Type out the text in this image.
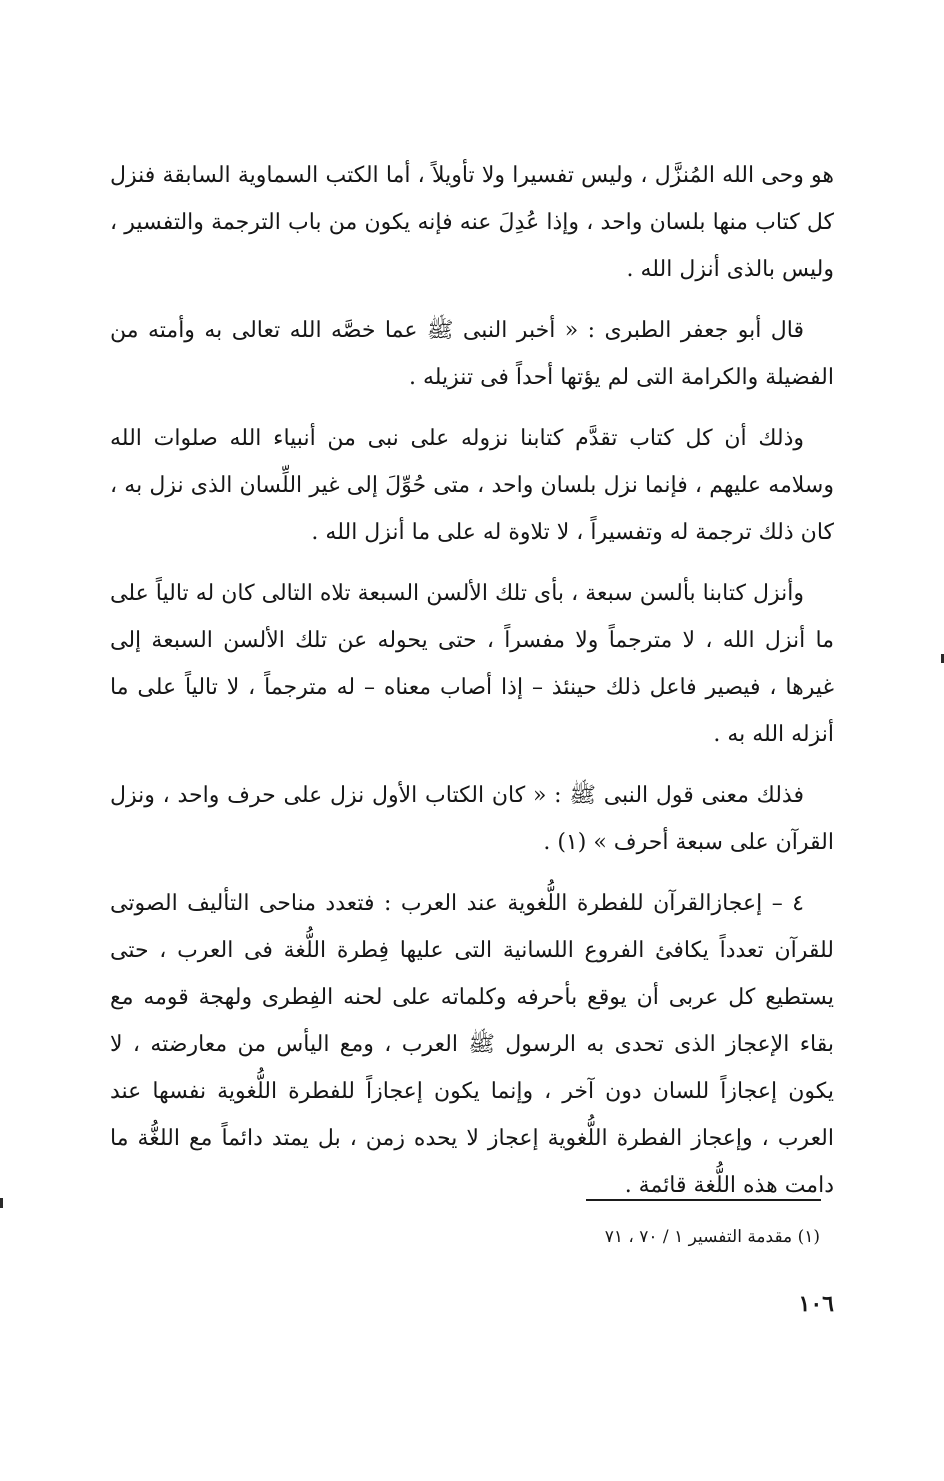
هو وحى الله المُنزَّل ، وليس تفسيرا ولا تأويلاً ، أما الكتب السماوية السابقة فنزل كل كتاب منها بلسان واحد ، وإذا عُدِلَ عنه فإنه يكون من باب الترجمة والتفسير ، وليس بالذى أنزل الله .

قال أبو جعفر الطبرى : « أخبر النبى ﷺ عما خصَّه الله تعالى به وأمته من الفضيلة والكرامة التى لم يؤتها أحداً فى تنزيله .

وذلك أن كل كتاب تقدَّم كتابنا نزوله على نبى من أنبياء الله صلوات الله وسلامه عليهم ، فإنما نزل بلسان واحد ، متى حُوِّلَ إلى غير اللِّسان الذى نزل به ، كان ذلك ترجمة له وتفسيراً ، لا تلاوة له على ما أنزل الله .

وأنزل كتابنا بألسن سبعة ، بأى تلك الألسن السبعة تلاه التالى كان له تالياً على ما أنزل الله ، لا مترجماً ولا مفسراً ، حتى يحوله عن تلك الألسن السبعة إلى غيرها ، فيصير فاعل ذلك حينئذ – إذا أصاب معناه – له مترجماً ، لا تالياً على ما أنزله الله به .

فذلك معنى قول النبى ﷺ : « كان الكتاب الأول نزل على حرف واحد ، ونزل القرآن على سبعة أحرف » (١) .

٤ – إعجازالقرآن للفطرة اللُّغوية عند العرب : فتعدد مناحى التأليف الصوتى للقرآن تعدداً يكافئ الفروع اللسانية التى عليها فِطرة اللُّغة فى العرب ، حتى يستطيع كل عربى أن يوقع بأحرفه وكلماته على لحنه الفِطرى ولهجة قومه مع بقاء الإعجاز الذى تحدى به الرسول ﷺ العرب ، ومع اليأس من معارضته ، لا يكون إعجازاً للسان دون آخر ، وإنما يكون إعجازاً للفطرة اللُّغوية نفسها عند العرب ، وإعجاز الفطرة اللُّغوية إعجاز لا يحده زمن ، بل يمتد دائماً مع اللغُّة ما دامت هذه اللُّغة قائمة .

(١) مقدمة التفسير ١ / ٧٠ ، ٧١
١٠٦
